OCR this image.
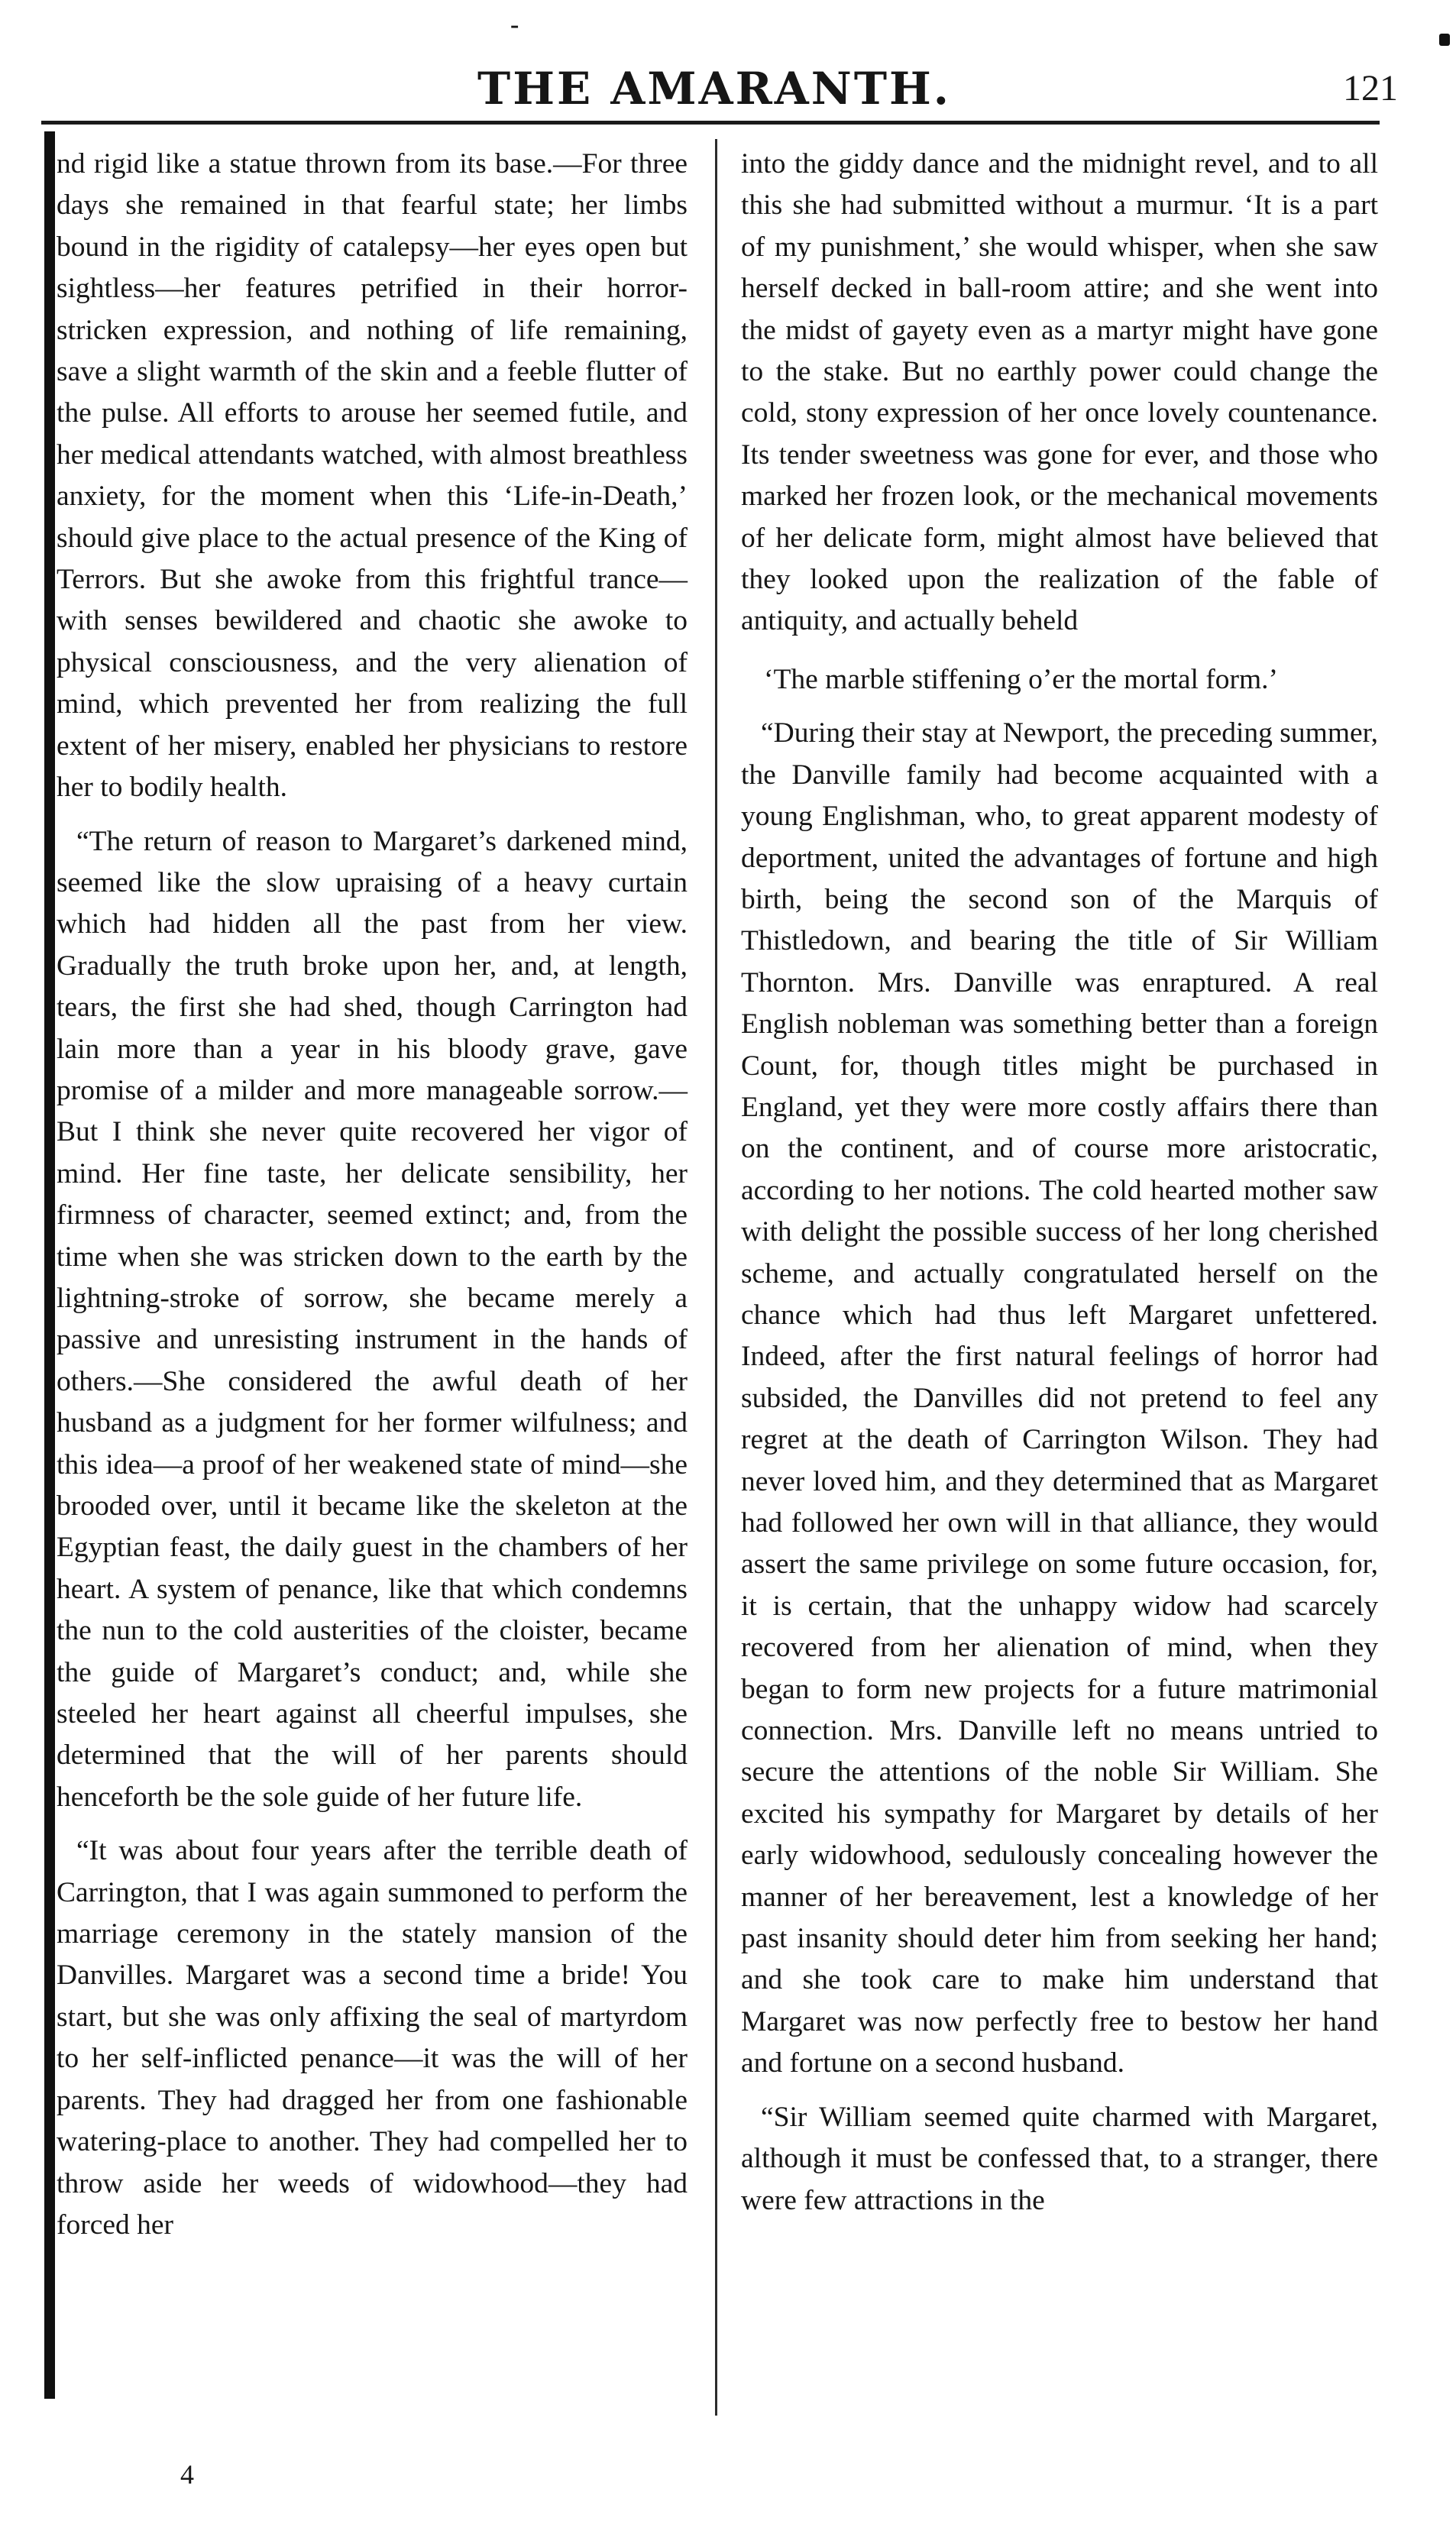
-
THE AMARANTH.	121

nd rigid like a statue thrown from its base.—For three days she remained in that fearful state; her limbs bound in the rigidity of catalepsy—her eyes open but sightless—her features petrified in their horror-stricken expression, and nothing of life remaining, save a slight warmth of the skin and a feeble flutter of the pulse. All efforts to arouse her seemed futile, and her medical attendants watched, with almost breathless anxiety, for the moment when this ‘Life-in-Death,’ should give place to the actual presence of the King of Terrors. But she awoke from this frightful trance—with senses bewildered and chaotic she awoke to physical consciousness, and the very alienation of mind, which prevented her from realizing the full extent of her misery, enabled her physicians to restore her to bodily health.

“The return of reason to Margaret’s darkened mind, seemed like the slow upraising of a heavy curtain which had hidden all the past from her view. Gradually the truth broke upon her, and, at length, tears, the first she had shed, though Carrington had lain more than a year in his bloody grave, gave promise of a milder and more manageable sorrow.—But I think she never quite recovered her vigor of mind. Her fine taste, her delicate sensibility, her firmness of character, seemed extinct; and, from the time when she was stricken down to the earth by the lightning-stroke of sorrow, she became merely a passive and unresisting instrument in the hands of others.—She considered the awful death of her husband as a judgment for her former wilfulness; and this idea—a proof of her weakened state of mind—she brooded over, until it became like the skeleton at the Egyptian feast, the daily guest in the chambers of her heart. A system of penance, like that which condemns the nun to the cold austerities of the cloister, became the guide of Margaret’s conduct; and, while she steeled her heart against all cheerful impulses, she determined that the will of her parents should henceforth be the sole guide of her future life.

“It was about four years after the terrible death of Carrington, that I was again summoned to perform the marriage ceremony in the stately mansion of the Danvilles. Margaret was a second time a bride! You start, but she was only affixing the seal of martyrdom to her self-inflicted penance—it was the will of her parents. They had dragged her from one fashionable watering-place to another. They had compelled her to throw aside her weeds of widowhood—they had forced her

into the giddy dance and the midnight revel, and to all this she had submitted without a murmur. ‘It is a part of my punishment,’ she would whisper, when she saw herself decked in ball-room attire; and she went into the midst of gayety even as a martyr might have gone to the stake. But no earthly power could change the cold, stony expression of her once lovely countenance. Its tender sweetness was gone for ever, and those who marked her frozen look, or the mechanical movements of her delicate form, might almost have believed that they looked upon the realization of the fable of antiquity, and actually beheld

‘The marble stiffening o’er the mortal form.’

“During their stay at Newport, the preceding summer, the Danville family had become acquainted with a young Englishman, who, to great apparent modesty of deportment, united the advantages of fortune and high birth, being the second son of the Marquis of Thistledown, and bearing the title of Sir William Thornton. Mrs. Danville was enraptured. A real English nobleman was something better than a foreign Count, for, though titles might be purchased in England, yet they were more costly affairs there than on the continent, and of course more aristocratic, according to her notions. The cold hearted mother saw with delight the possible success of her long cherished scheme, and actually congratulated herself on the chance which had thus left Margaret unfettered. Indeed, after the first natural feelings of horror had subsided, the Danvilles did not pretend to feel any regret at the death of Carrington Wilson. They had never loved him, and they determined that as Margaret had followed her own will in that alliance, they would assert the same privilege on some future occasion, for, it is certain, that the unhappy widow had scarcely recovered from her alienation of mind, when they began to form new projects for a future matrimonial connection. Mrs. Danville left no means untried to secure the attentions of the noble Sir William. She excited his sympathy for Margaret by details of her early widowhood, sedulously concealing however the manner of her bereavement, lest a knowledge of her past insanity should deter him from seeking her hand; and she took care to make him understand that Margaret was now perfectly free to bestow her hand and fortune on a second husband.

“Sir William seemed quite charmed with Margaret, although it must be confessed that, to a stranger, there were few attractions in the

4
